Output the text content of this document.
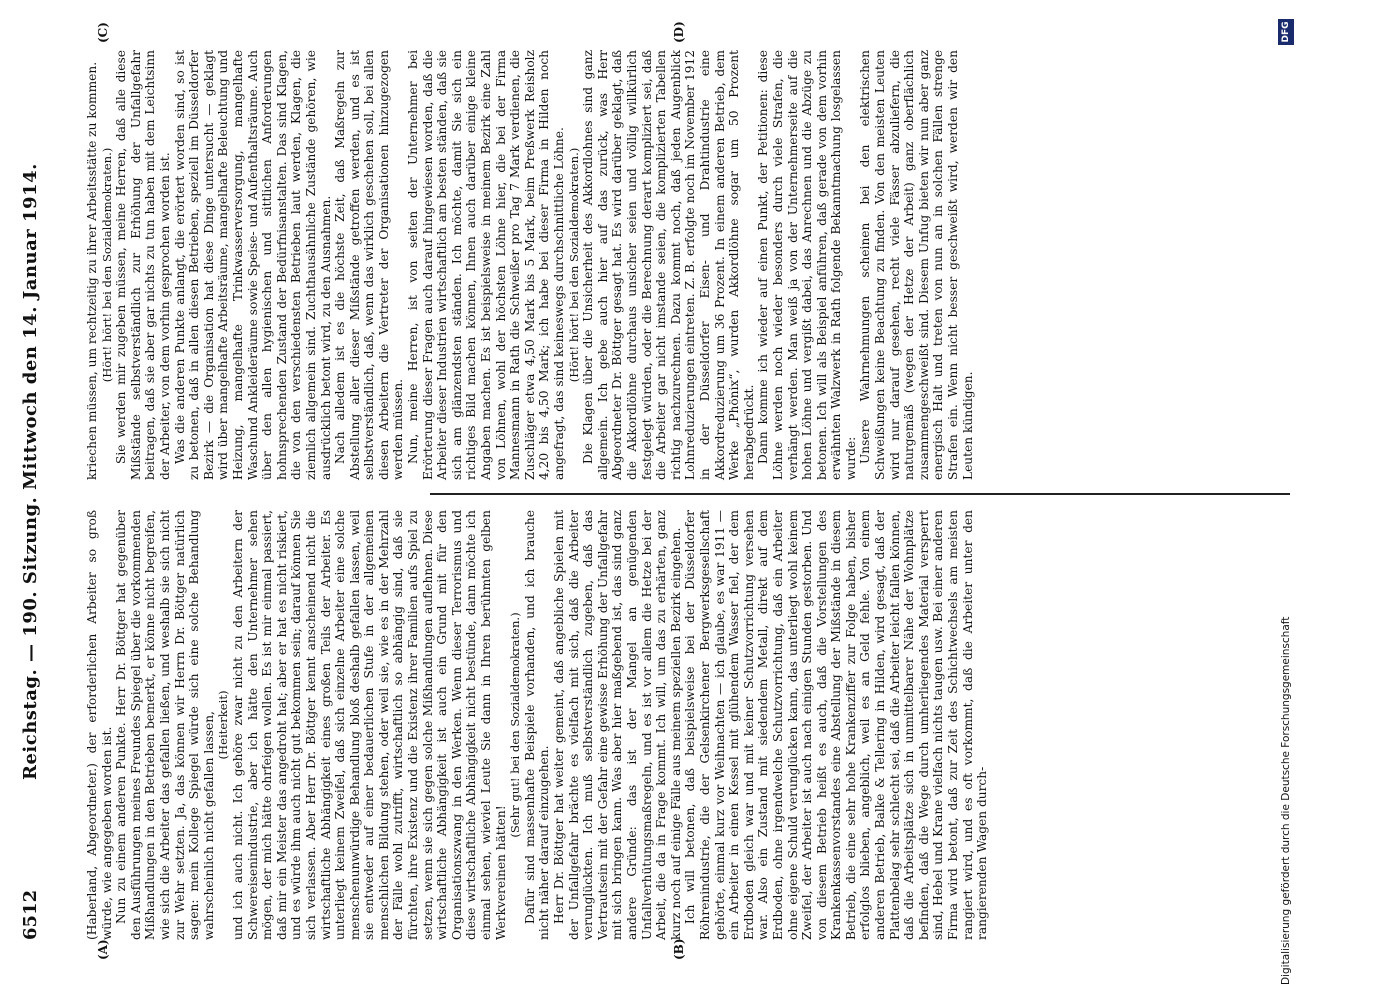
6512
Reichstag. — 190. Sitzung. Mittwoch den 14. Januar 1914.
(A)	(B)
(C)	(D)

(Haberland, Abgeordneter.) der erforderlichen Arbeiter so groß würde, wie angegeben worden ist. Nun zu einem anderen Punkte. Herr Dr. Böttger hat gegenüber den Ausführungen meines Freundes Spiegel über die vorkommenden Mißhandlungen in den Betrieben bemerkt, er könne nicht begreifen, wie sich die Arbeiter das gefallen ließen, und weshalb sie sich nicht zur Wehr setzten. Ja, das können wir Herrn Dr. Böttger natürlich sagen: mein Kollege Spiegel würde sich eine solche Behandlung wahrscheinlich nicht gefallen lassen, (Heiterkeit) und ich auch nicht. Ich gehöre zwar nicht zu den Arbeitern der Schwereisenindustrie, aber ich hätte den Unternehmer sehen mögen, der mich hätte ohrfeigen wollen. Es ist mir einmal passiert, daß mir ein Meister das angedroht hat; aber er hat es nicht riskiert, und es würde ihm auch nicht gut bekommen sein; darauf können Sie sich verlassen. Aber Herr Dr. Böttger kennt anscheinend nicht die wirtschaftliche Abhängigkeit eines großen Teils der Arbeiter. Es unterliegt keinem Zweifel, daß sich einzelne Arbeiter eine solche menschenunwürdige Behandlung bloß deshalb gefallen lassen, weil sie entweder auf einer bedauerlichen Stufe in der allgemeinen menschlichen Bildung stehen, oder weil sie, wie es in der Mehrzahl der Fälle wohl zutrifft, wirtschaftlich so abhängig sind, daß sie fürchten, ihre Existenz und die Existenz ihrer Familien aufs Spiel zu setzen, wenn sie sich gegen solche Mißhandlungen auflehnen. Diese wirtschaftliche Abhängigkeit ist auch ein Grund mit für den Organisationszwang in den Werken. Wenn dieser Terrorismus und diese wirtschaftliche Abhängigkeit nicht bestünde, dann möchte ich einmal sehen, wieviel Leute Sie dann in Ihren berühmten gelben Werkvereinen hätten!

(Sehr gut! bei den Sozialdemokraten.) Dafür sind massenhafte Beispiele vorhanden, und ich brauche nicht näher darauf einzugehen. Herr Dr. Böttger hat weiter gemeint, daß angebliche Spielen mit der Unfallgefahr brächte es vielfach mit sich, daß die Arbeiter verunglückten. Ich muß selbstverständlich zugeben, daß das Vertrautsein mit der Gefahr eine gewisse Erhöhung der Unfallgefahr mit sich bringen kann. Was aber hier maßgebend ist, das sind ganz andere Gründe: das ist der Mangel an genügenden Unfallverhütungsmaßregeln, und es ist vor allem die Hetze bei der Arbeit, die da in Frage kommt. Ich will, um das zu erhärten, ganz kurz noch auf einige Fälle aus meinem speziellen Bezirk eingehen. Ich will betonen, daß beispielsweise bei der Düsseldorfer Röhrenindustrie, die der Gelsenkirchener Bergwerksgesellschaft gehörte, einmal kurz vor Weihnachten — ich glaube, es war 1911 — ein Arbeiter in einen Kessel mit glühendem Wasser fiel, der dem Erdboden gleich war und mit keiner Schutzvorrichtung versehen war. Also ein Zustand mit siedendem Metall, direkt auf dem Erdboden, ohne irgendwelche Schutzvorrichtung, daß ein Arbeiter ohne eigene Schuld verunglücken kann, das unterliegt wohl keinem Zweifel, der Arbeiter ist auch nach einigen Stunden gestorben. Und von diesem Betrieb heißt es auch, daß die Vorstellungen des Krankenkassenvorstandes eine Abstellung der Mißstände in diesem Betrieb, die eine sehr hohe Krankenziffer zur Folge haben, bisher erfolglos blieben, angeblich, weil es an Geld fehle. Von einem anderen Betrieb, Balke & Tellering in Hilden, wird gesagt, daß der Plattenbelag sehr schlecht sei, daß die Arbeiter leicht fallen können, daß die Arbeitsplätze sich in unmittelbarer Nähe der Wohnplätze befinden, daß die Wege durch umherliegendes Material versperrt sind, Hebel und Krane vielfach nichts taugen usw. Bei einer anderen Firma wird betont, daß zur Zeit des Schichtwechsels am meisten rangiert wird, und es oft vorkommt, daß die Arbeiter unter den rangierenden Wagen durch-

kriechen müssen, um rechtzeitig zu ihrer Arbeitsstätte zu kommen. (Hört! hört! bei den Sozialdemokraten.) Sie werden mir zugeben müssen, meine Herren, daß alle diese Mißstände selbstverständlich zur Erhöhung der Unfallgefahr beitragen, daß sie aber gar nichts zu tun haben mit dem Leichtsinn der Arbeiter, von dem vorhin gesprochen worden ist. Was die anderen Punkte anlangt, die erörtert worden sind, so ist zu betonen, daß in allen diesen Betrieben, speziell im Düsseldorfer Bezirk — die Organisation hat diese Dinge untersucht — geklagt wird über mangelhafte Arbeitsräume, mangelhafte Beleuchtung und Heizung, mangelhafte Trinkwasserversorgung, mangelhafte Waschund Ankleideräume sowie Speise- und Aufenthaltsräume. Auch über den allen hygienischen und sittlichen Anforderungen hohnsprechenden Zustand der Bedürfnisanstalten. Das sind Klagen, die von den verschiedensten Betrieben laut werden, Klagen, die ziemlich allgemein sind. Zuchthausähnliche Zustände gehören, wie ausdrücklich betont wird, zu den Ausnahmen. Nach alledem ist es die höchste Zeit, daß Maßregeln zur Abstellung aller dieser Mißstände getroffen werden, und es ist selbstverständlich, daß, wenn das wirklich geschehen soll, bei allen diesen Arbeitern die Vertreter der Organisationen hinzugezogen werden müssen. Nun, meine Herren, ist von seiten der Unternehmer bei Erörterung dieser Fragen auch darauf hingewiesen worden, daß die Arbeiter dieser Industrien wirtschaftlich am besten ständen, daß sie sich am glänzendsten ständen. Ich möchte, damit Sie sich ein richtiges Bild machen können, Ihnen auch darüber einige kleine Angaben machen. Es ist beispielsweise in meinem Bezirk eine Zahl von Löhnen, wohl der höchsten Löhne hier, die bei der Firma Mannesmann in Rath die Schweißer pro Tag 7 Mark verdienen, die Zuschläger etwa 4,50 Mark bis 5 Mark, beim Preßwerk Reisholz 4,20 bis 4,50 Mark; ich habe bei dieser Firma in Hilden noch angefragt, das sind keineswegs durchschnittliche Löhne. (Hört! hört! bei den Sozialdemokraten.) Die Klagen über die Unsicherheit des Akkordlohnes sind ganz allgemein. Ich gebe auch hier auf das zurück, was Herr Abgeordneter Dr. Böttger gesagt hat. Es wird darüber geklagt, daß die Akkordlöhne durchaus unsicher seien und völlig willkürlich festgelegt würden, oder die Berechnung derart kompliziert sei, daß die Arbeiter gar nicht imstande seien, die komplizierten Tabellen richtig nachzurechnen. Dazu kommt noch, daß jeden Augenblick Lohnreduzierungen eintreten. Z. B. erfolgte noch im November 1912 in der Düsseldorfer Eisen- und Drahtindustrie eine Akkordreduzierung um 36 Prozent. In einem anderen Betrieb, dem Werke „Phönix“, wurden Akkordlöhne sogar um 50 Prozent herabgedrückt. Dann komme ich wieder auf einen Punkt, der Petitionen: diese Löhne werden noch wieder besonders durch viele Strafen, die verhängt werden. Man weiß ja von der Unternehmerseite auf die hohen Löhne und vergißt dabei, das Anrechnen und die Abzüge zu betonen. Ich will als Beispiel anführen, daß gerade von dem vorhin erwähnten Walzwerk in Rath folgende Bekanntmachung losgelassen wurde: Unsere Wahrnehmungen scheinen bei den elektrischen Schweißungen keine Beachtung zu finden. Von den meisten Leuten wird nur darauf gesehen, recht viele Fässer abzuliefern, die naturgemäß (wegen der Hetze der Arbeit) ganz oberflächlich zusammengeschweißt sind. Diesem Unfug bieten wir nun aber ganz energisch Halt und treten von nun an in solchen Fällen strenge Strafen ein. Wenn nicht besser geschweißt wird, werden wir den Leuten kündigen.

Digitalisierung gefördert durch die Deutsche Forschungsgemeinschaft
DFG
